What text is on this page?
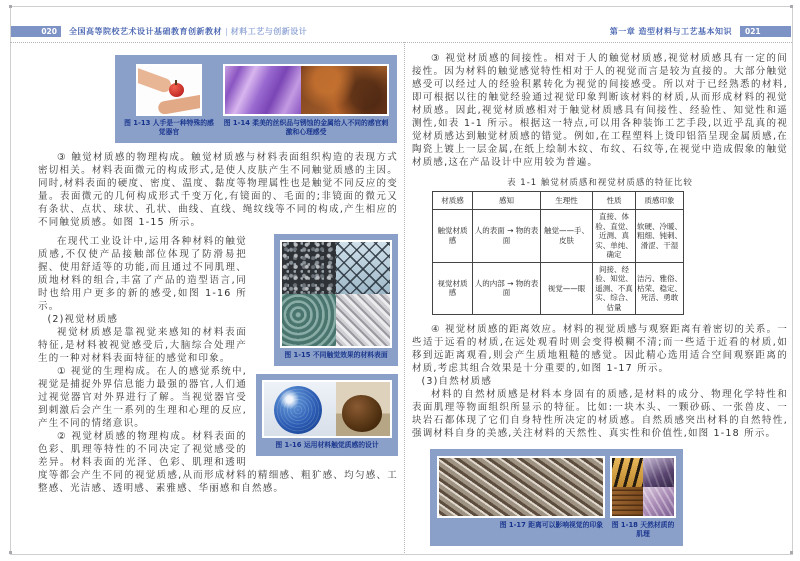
020	全国高等院校艺术设计基础教育创新教材 | 材料工艺与创新设计	第一章 造型材料与工艺基本知识	021
图 1-13 人手是一种特殊的感觉器官
图 1-14 柔美的丝织品与锈蚀的金属给人不同的感官刺激和心理感受

③ 触觉材质感的物理构成。触觉材质感与材料表面组织构造的表现方式密切相关。材料表面微元的构成形式,是使人皮肤产生不同触觉质感的主因。同时,材料表面的硬度、密度、温度、黏度等物理属性也是触觉不同反应的变量。表面微元的几何构成形式千变万化,有镜面的、毛面的;非镜面的微元又有条状、点状、球状、孔状、曲线、直线、绳纹线等不同的构成,产生相应的不同触觉质感。如图 1-15 所示。

图 1-15 不同触觉效果的材料表面
图 1-16 运用材料触觉质感的设计

在现代工业设计中,运用各种材料的触觉质感,不仅使产品接触部位体现了防滑易把握、使用舒适等的功能,而且通过不同肌理、质地材料的组合,丰富了产品的造型语言,同时也给用户更多的新的感受,如图 1-16 所示。

(2)视觉材质感

视觉材质感是靠视觉来感知的材料表面特征,是材料被视觉感受后,大脑综合处理产生的一种对材料表面特征的感觉和印象。

① 视觉的生理构成。在人的感觉系统中,视觉是捕捉外界信息能力最强的器官,人们通过视觉器官对外界进行了解。当视觉器官受到刺激后会产生一系列的生理和心理的反应,产生不同的情绪意识。

② 视觉材质感的物理构成。材料表面的色彩、肌理等特性的不同决定了视觉感受的差异。材料表面的光泽、色彩、肌理和透明度等都会产生不同的视觉质感,从而形成材料的精细感、粗犷感、均匀感、工整感、光洁感、透明感、素雅感、华丽感和自然感。

③ 视觉材质感的间接性。相对于人的触觉材质感,视觉材质感具有一定的间接性。因为材料的触觉感觉特性相对于人的视觉而言是较为直接的。大部分触觉感受可以经过人的经验积累转化为视觉的间接感受。所以对于已经熟悉的材料,即可根据以往的触觉经验通过视觉印象判断该材料的材质,从而形成材料的视觉材质感。因此,视觉材质感相对于触觉材质感具有间接性、经验性、知觉性和遥测性,如表 1-1 所示。根据这一特点,可以用各种装饰工艺手段,以近乎乱真的视觉材质感达到触觉材质感的错觉。例如,在工程塑料上烫印铝箔呈现金属质感,在陶瓷上镀上一层金属,在纸上绘制木纹、布纹、石纹等,在视觉中造成假象的触觉材质感,这在产品设计中应用较为普遍。

表 1-1 触觉材质感和视觉材质感的特征比较
材质感	感知	生理性	性质	质感印象
触觉材质感	人的表面 → 物的表面	触觉——手、皮肤	直接、体验、直觉、近测、真实、单纯、确定	软硬、冷暖、粗细、钝刺、滑涩、干湿
视觉材质感	人的内部 → 物的表面	视觉——眼	间接、经验、知觉、遥测、不真实、综合、估量	洁污、雅俗、枯荣、稳定、死活、勇敢

④ 视觉材质感的距离效应。材料的视觉质感与观察距离有着密切的关系。一些适于远看的材质,在远处观看时则会变得模糊不清;而一些适于近看的材质,如移到远距离观看,则会产生质地粗糙的感觉。因此精心选用适合空间观察距离的材质,考虑其组合效果是十分重要的,如图 1-17 所示。

(3)自然材质感

材料的自然材质感是材料本身固有的质感,是材料的成分、物理化学特性和表面肌理等物面组织所显示的特征。比如:一块木头、一颗砂砾、一张兽皮、一块岩石都体现了它们自身特性所决定的材质感。自然质感突出材料的自然特性,强调材料自身的美感,关注材料的天然性、真实性和价值性,如图 1-18 所示。

图 1-17 距离可以影响视觉的印象 图 1-18 天然材质的肌理
